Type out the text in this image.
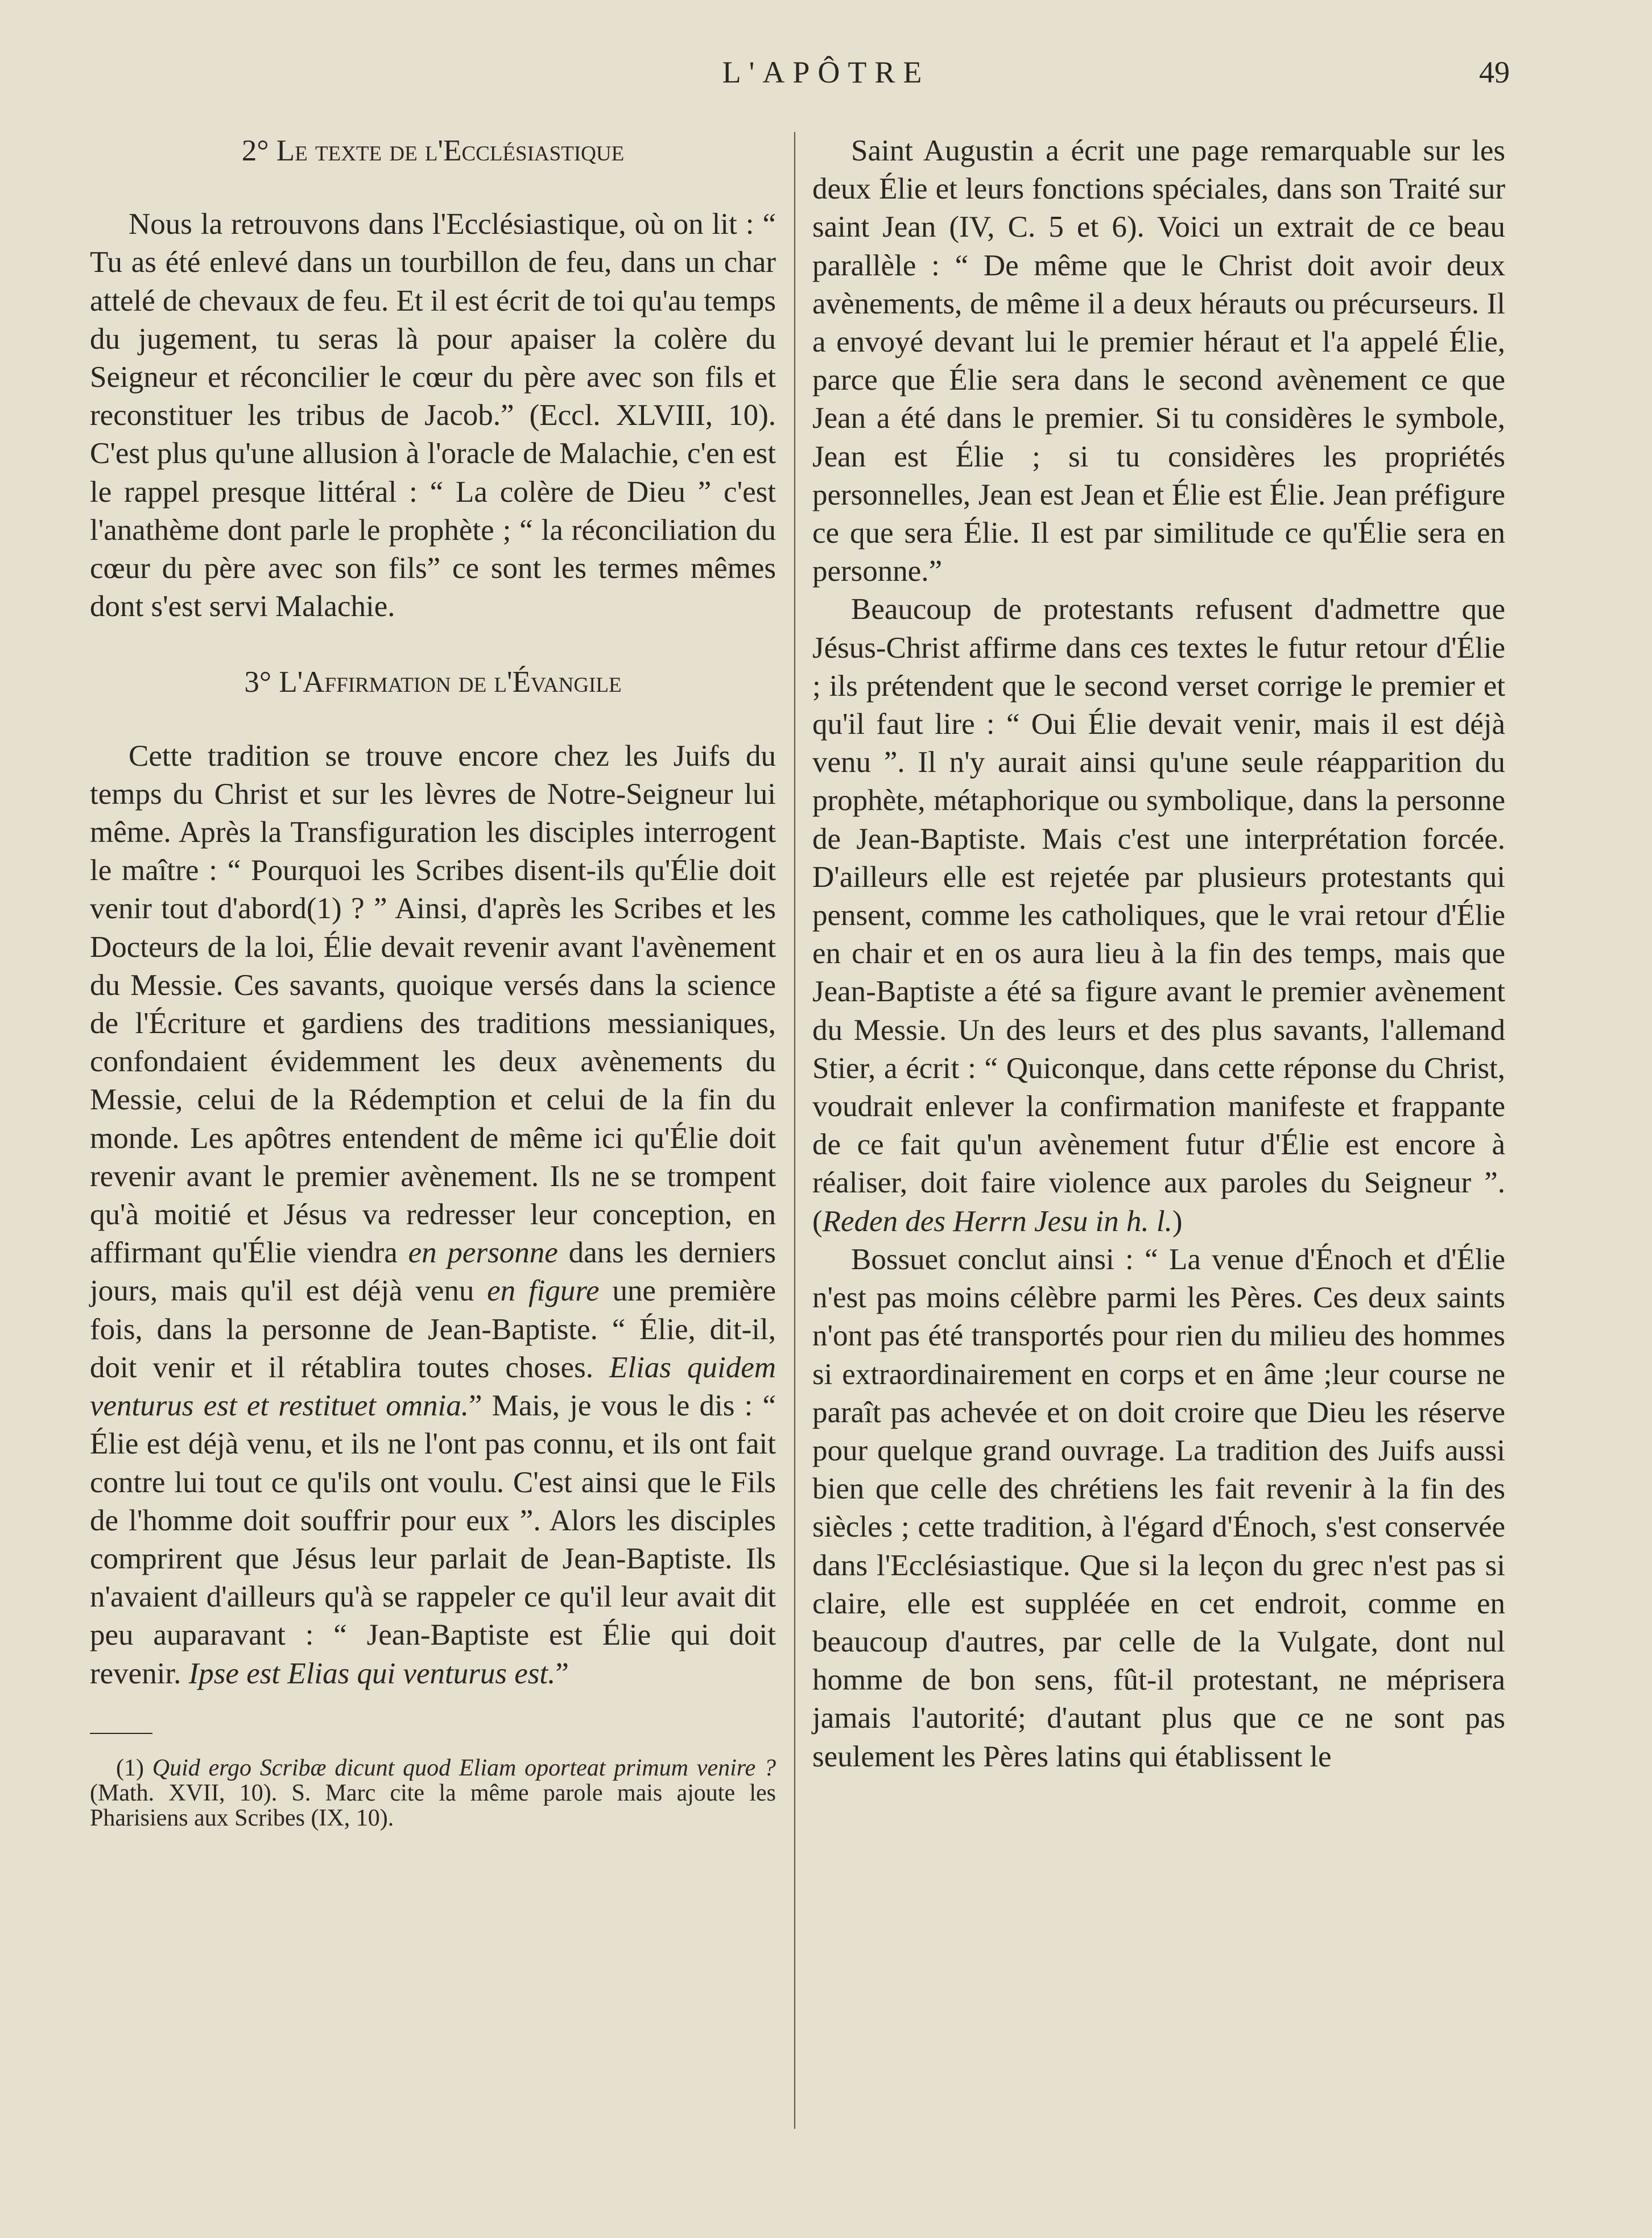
L'APÔTRE	49
2° Le texte de l'Ecclésiastique

Nous la retrouvons dans l'Ecclésiastique, où on lit : “ Tu as été enlevé dans un tourbillon de feu, dans un char attelé de chevaux de feu. Et il est écrit de toi qu'au temps du jugement, tu seras là pour apaiser la colère du Seigneur et réconcilier le cœur du père avec son fils et reconstituer les tribus de Jacob.” (Eccl. XLVIII, 10). C'est plus qu'une allusion à l'oracle de Malachie, c'en est le rappel presque littéral : “ La colère de Dieu ” c'est l'anathème dont parle le prophète ; “ la réconciliation du cœur du père avec son fils” ce sont les termes mêmes dont s'est servi Malachie.

3° L'Affirmation de l'Évangile

Cette tradition se trouve encore chez les Juifs du temps du Christ et sur les lèvres de Notre-Seigneur lui même. Après la Transfiguration les disciples interrogent le maître : “ Pourquoi les Scribes disent-ils qu'Élie doit venir tout d'abord(1) ? ” Ainsi, d'après les Scribes et les Docteurs de la loi, Élie devait revenir avant l'avènement du Messie. Ces savants, quoique versés dans la science de l'Écriture et gardiens des traditions messianiques, confondaient évidemment les deux avènements du Messie, celui de la Rédemption et celui de la fin du monde. Les apôtres entendent de même ici qu'Élie doit revenir avant le premier avènement. Ils ne se trompent qu'à moitié et Jésus va redresser leur conception, en affirmant qu'Élie viendra en personne dans les derniers jours, mais qu'il est déjà venu en figure une première fois, dans la personne de Jean-Baptiste. “ Élie, dit-il, doit venir et il rétablira toutes choses. Elias quidem venturus est et restituet omnia.” Mais, je vous le dis : “ Élie est déjà venu, et ils ne l'ont pas connu, et ils ont fait contre lui tout ce qu'ils ont voulu. C'est ainsi que le Fils de l'homme doit souffrir pour eux ”. Alors les disciples comprirent que Jésus leur parlait de Jean-Baptiste. Ils n'avaient d'ailleurs qu'à se rappeler ce qu'il leur avait dit peu auparavant : “ Jean-Baptiste est Élie qui doit revenir. Ipse est Elias qui venturus est.”

(1) Quid ergo Scribæ dicunt quod Eliam oporteat primum venire ? (Math. XVII, 10). S. Marc cite la même parole mais ajoute les Pharisiens aux Scribes (IX, 10).

Saint Augustin a écrit une page remarquable sur les deux Élie et leurs fonctions spéciales, dans son Traité sur saint Jean (IV, C. 5 et 6). Voici un extrait de ce beau parallèle : “ De même que le Christ doit avoir deux avènements, de même il a deux hérauts ou précurseurs. Il a envoyé devant lui le premier héraut et l'a appelé Élie, parce que Élie sera dans le second avènement ce que Jean a été dans le premier. Si tu considères le symbole, Jean est Élie ; si tu considères les propriétés personnelles, Jean est Jean et Élie est Élie. Jean préfigure ce que sera Élie. Il est par similitude ce qu'Élie sera en personne.”

Beaucoup de protestants refusent d'admettre que Jésus-Christ affirme dans ces textes le futur retour d'Élie ; ils prétendent que le second verset corrige le premier et qu'il faut lire : “ Oui Élie devait venir, mais il est déjà venu ”. Il n'y aurait ainsi qu'une seule réapparition du prophète, métaphorique ou symbolique, dans la personne de Jean-Baptiste. Mais c'est une interprétation forcée. D'ailleurs elle est rejetée par plusieurs protestants qui pensent, comme les catholiques, que le vrai retour d'Élie en chair et en os aura lieu à la fin des temps, mais que Jean-Baptiste a été sa figure avant le premier avènement du Messie. Un des leurs et des plus savants, l'allemand Stier, a écrit : “ Quiconque, dans cette réponse du Christ, voudrait enlever la confirmation manifeste et frappante de ce fait qu'un avènement futur d'Élie est encore à réaliser, doit faire violence aux paroles du Seigneur ”. (Reden des Herrn Jesu in h. l.)

Bossuet conclut ainsi : “ La venue d'Énoch et d'Élie n'est pas moins célèbre parmi les Pères. Ces deux saints n'ont pas été transportés pour rien du milieu des hommes si extraordinairement en corps et en âme ;leur course ne paraît pas achevée et on doit croire que Dieu les réserve pour quelque grand ouvrage. La tradition des Juifs aussi bien que celle des chrétiens les fait revenir à la fin des siècles ; cette tradition, à l'égard d'Énoch, s'est conservée dans l'Ecclésiastique. Que si la leçon du grec n'est pas si claire, elle est suppléée en cet endroit, comme en beaucoup d'autres, par celle de la Vulgate, dont nul homme de bon sens, fût-il protestant, ne méprisera jamais l'autorité; d'autant plus que ce ne sont pas seulement les Pères latins qui établissent le
